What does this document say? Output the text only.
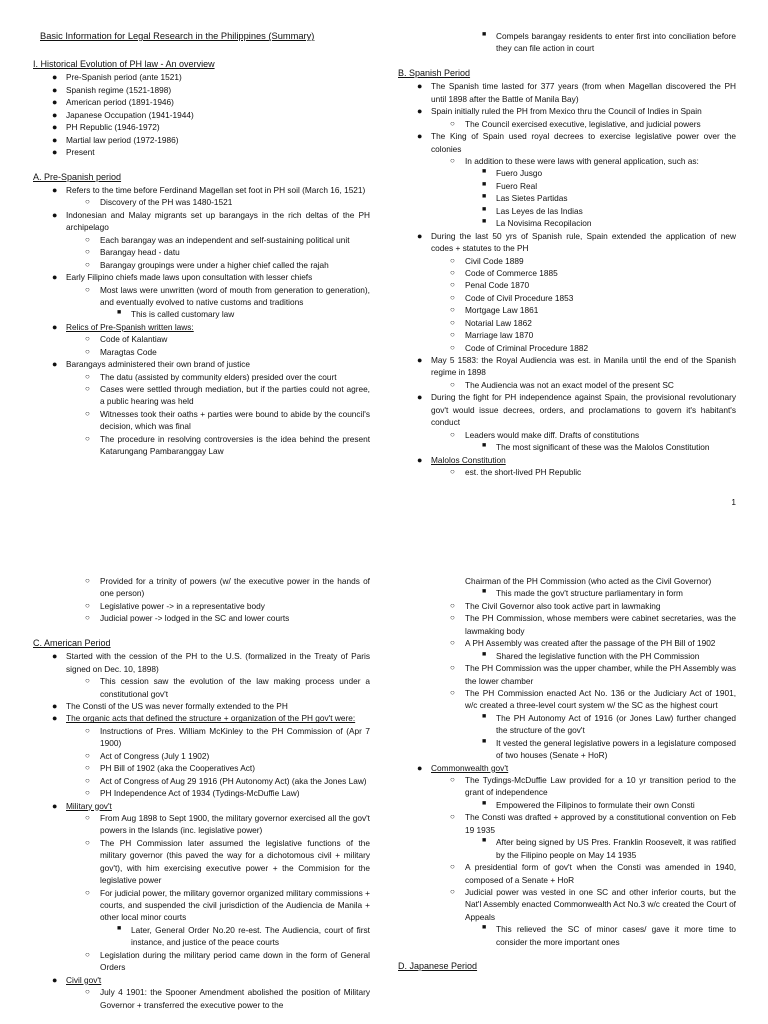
Basic Information for Legal Research in the Philippines (Summary)
I. Historical Evolution of PH law - An overview
● Pre-Spanish period (ante 1521)
● Spanish regime (1521-1898)
● American period (1891-1946)
● Japanese Occupation (1941-1944)
● PH Republic (1946-1972)
● Martial law period (1972-1986)
● Present
A. Pre-Spanish period
● Refers to the time before Ferdinand Magellan set foot in PH soil (March 16, 1521)
○ Discovery of the PH was 1480-1521
● Indonesian and Malay migrants set up barangays in the rich deltas of the PH archipelago
○ Each barangay was an independent and self-sustaining political unit
○ Barangay head - datu
○ Barangay groupings were under a higher chief called the rajah
● Early Filipino chiefs made laws upon consultation with lesser chiefs
○ Most laws were unwritten (word of mouth from generation to generation), and eventually evolved to native customs and traditions
■ This is called customary law
● Relics of Pre-Spanish written laws:
○ Code of Kalantiaw
○ Maragtas Code
● Barangays administered their own brand of justice
○ The datu (assisted by community elders) presided over the court
○ Cases were settled through mediation, but if the parties could not agree, a public hearing was held
○ Witnesses took their oaths + parties were bound to abide by the council's decision, which was final
○ The procedure in resolving controversies is the idea behind the present Katarungang Pambaranggay Law
■ Compels barangay residents to enter first into conciliation before they can file action in court
B. Spanish Period
● The Spanish time lasted for 377 years (from when Magellan discovered the PH until 1898 after the Battle of Manila Bay)
● Spain initially ruled the PH from Mexico thru the Council of Indies in Spain
○ The Council exercised executive, legislative, and judicial powers
● The King of Spain used royal decrees to exercise legislative power over the colonies
○ In addition to these were laws with general application, such as:
■ Fuero Jusgo
■ Fuero Real
■ Las Sietes Partidas
■ Las Leyes de las Indias
■ La Novisima Recopilacion
● During the last 50 yrs of Spanish rule, Spain extended the application of new codes + statutes to the PH
○ Civil Code 1889
○ Code of Commerce 1885
○ Penal Code 1870
○ Code of Civil Procedure 1853
○ Mortgage Law 1861
○ Notarial Law 1862
○ Marriage law 1870
○ Code of Criminal Procedure 1882
● May 5 1583: the Royal Audiencia was est. in Manila until the end of the Spanish regime in 1898
○ The Audiencia was not an exact model of the present SC
● During the fight for PH independence against Spain, the provisional revolutionary gov't would issue decrees, orders, and proclamations to govern it's habitant's conduct
○ Leaders would make diff. Drafts of constitutions
■ The most significant of these was the Malolos Constitution
● Malolos Constitution
○ est. the short-lived PH Republic
1
○ Provided for a trinity of powers (w/ the executive power in the hands of one person)
○ Legislative power -> in a representative body
○ Judicial power -> lodged in the SC and lower courts
C. American Period
● Started with the cession of the PH to the U.S. (formalized in the Treaty of Paris signed on Dec. 10, 1898)
○ This cession saw the evolution of the law making process under a constitutional gov't
● The Consti of the US was never formally extended to the PH
● The organic acts that defined the structure + organization of the PH gov't were:
○ Instructions of Pres. William McKinley to the PH Commission of (Apr 7 1900)
○ Act of Congress (July 1 1902)
○ PH Bill of 1902 (aka the Cooperatives Act)
○ Act of Congress of Aug 29 1916 (PH Autonomy Act) (aka the Jones Law)
○ PH Independence Act of 1934 (Tydings-McDuffie Law)
● Military gov't
○ From Aug 1898 to Sept 1900, the military governor exercised all the gov't powers in the Islands (inc. legislative power)
○ The PH Commission later assumed the legislative functions of the military governor (this paved the way for a dichotomous civil + military gov't), with him exercising executive power + the Commision for the legislative power
○ For judicial power, the military governor organized military commissions + courts, and suspended the civil jurisdiction of the Audiencia de Manila + other local minor courts
■ Later, General Order No.20 re-est. The Audiencia, court of first instance, and justice of the peace courts
○ Legislation during the military period came down in the form of General Orders
● Civil gov't
○ July 4 1901: the Spooner Amendment abolished the position of Military Governor + transferred the executive power to the
Chairman of the PH Commission (who acted as the Civil Governor)
■ This made the gov't structure parliamentary in form
○ The Civil Governor also took active part in lawmaking
○ The PH Commission, whose members were cabinet secretaries, was the lawmaking body
○ A PH Assembly was created after the passage of the PH Bill of 1902
■ Shared the legislative function with the PH Commission
○ The PH Commission was the upper chamber, while the PH Assembly was the lower chamber
○ The PH Commission enacted Act No. 136 or the Judiciary Act of 1901, w/c created a three-level court system w/ the SC as the highest court
■ The PH Autonomy Act of 1916 (or Jones Law) further changed the structure of the gov't
■ It vested the general legislative powers in a legislature composed of two houses (Senate + HoR)
● Commonwealth gov't
○ The Tydings-McDuffie Law provided for a 10 yr transition period to the grant of independence
■ Empowered the Filipinos to formulate their own Consti
○ The Consti was drafted + approved by a constitutional convention on Feb 19 1935
■ After being signed by US Pres. Franklin Roosevelt, it was ratified by the Filipino people on May 14 1935
○ A presidential form of gov't when the Consti was amended in 1940, composed of a Senate + HoR
○ Judicial power was vested in one SC and other inferior courts, but the Nat'l Assembly enacted Commonwealth Act No.3 w/c created the Court of Appeals
■ This relieved the SC of minor cases/ gave it more time to consider the more important ones
D. Japanese Period
